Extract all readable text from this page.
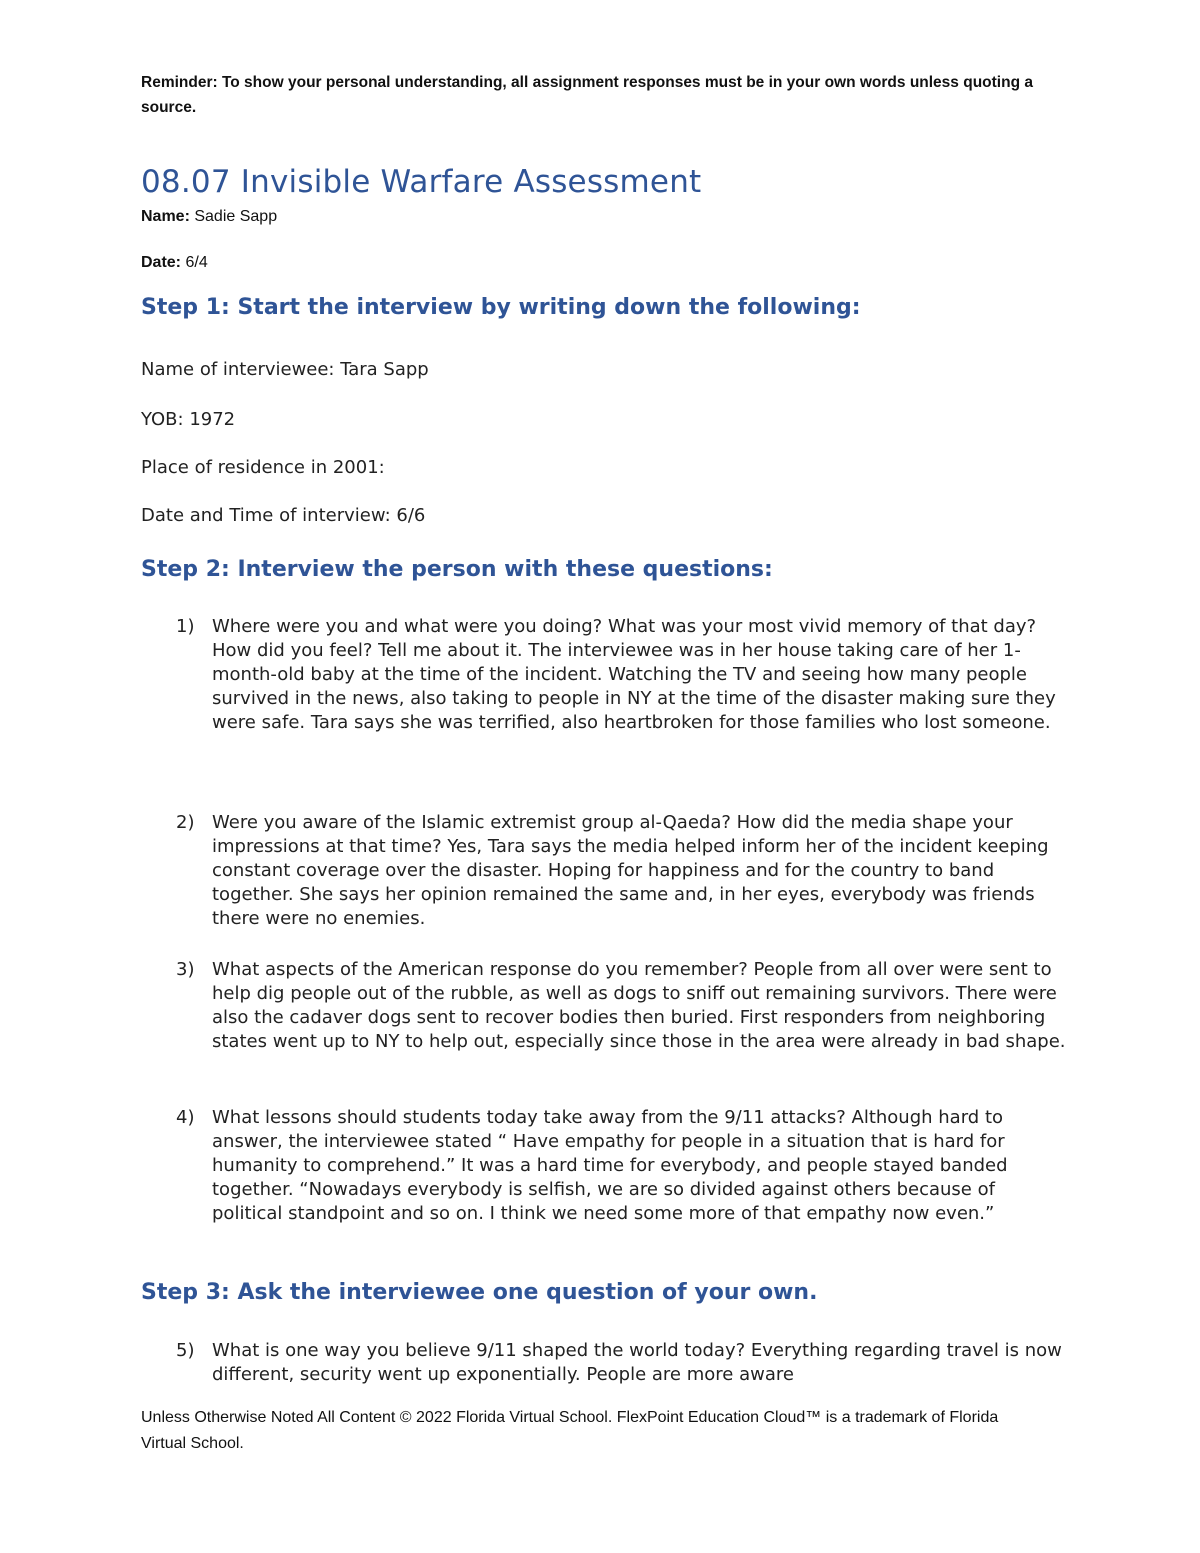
Reminder: To show your personal understanding, all assignment responses must be in your own words unless quoting a source.
08.07 Invisible Warfare Assessment
Name: Sadie Sapp
Date: 6/4
Step 1: Start the interview by writing down the following:
Name of interviewee: Tara Sapp
YOB: 1972
Place of residence in 2001:
Date and Time of interview: 6/6
Step 2: Interview the person with these questions:
1) Where were you and what were you doing? What was your most vivid memory of that day? How did you feel? Tell me about it. The interviewee was in her house taking care of her 1-month-old baby at the time of the incident. Watching the TV and seeing how many people survived in the news, also taking to people in NY at the time of the disaster making sure they were safe. Tara says she was terrified, also heartbroken for those families who lost someone.
2) Were you aware of the Islamic extremist group al-Qaeda? How did the media shape your impressions at that time? Yes, Tara says the media helped inform her of the incident keeping constant coverage over the disaster. Hoping for happiness and for the country to band together. She says her opinion remained the same and, in her eyes, everybody was friends there were no enemies.
3) What aspects of the American response do you remember? People from all over were sent to help dig people out of the rubble, as well as dogs to sniff out remaining survivors. There were also the cadaver dogs sent to recover bodies then buried. First responders from neighboring states went up to NY to help out, especially since those in the area were already in bad shape.
4) What lessons should students today take away from the 9/11 attacks? Although hard to answer, the interviewee stated “ Have empathy for people in a situation that is hard for humanity to comprehend.” It was a hard time for everybody, and people stayed banded together. “Nowadays everybody is selfish, we are so divided against others because of political standpoint and so on. I think we need some more of that empathy now even.”
Step 3: Ask the interviewee one question of your own.
5) What is one way you believe 9/11 shaped the world today? Everything regarding travel is now different, security went up exponentially. People are more aware
Unless Otherwise Noted All Content © 2022 Florida Virtual School. FlexPoint Education Cloud™ is a trademark of Florida Virtual School.
